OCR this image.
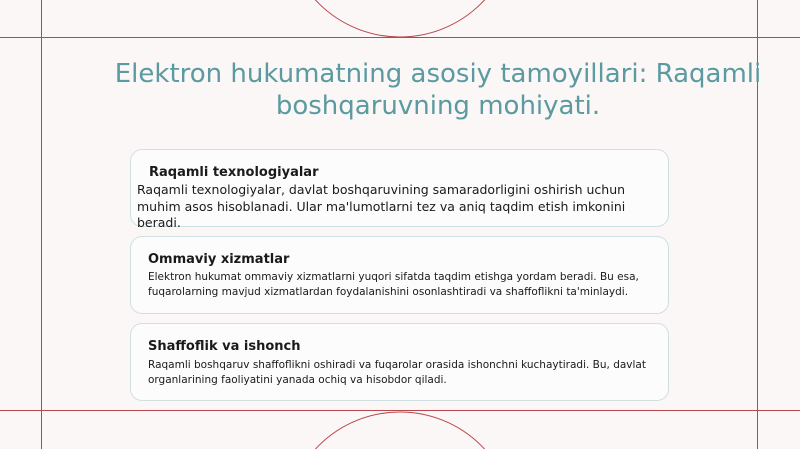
Elektron hukumatning asosiy tamoyillari: Raqamli boshqaruvning mohiyati.
Raqamli texnologiyalar
Raqamli texnologiyalar, davlat boshqaruvining samaradorligini oshirish uchun muhim asos hisoblanadi. Ular ma'lumotlarni tez va aniq taqdim etish imkonini beradi.
Ommaviy xizmatlar
Elektron hukumat ommaviy xizmatlarni yuqori sifatda taqdim etishga yordam beradi. Bu esa, fuqarolarning mavjud xizmatlardan foydalanishini osonlashtiradi va shaffoflikni ta'minlaydi.
Shaffoflik va ishonch
Raqamli boshqaruv shaffoflikni oshiradi va fuqarolar orasida ishonchni kuchaytiradi. Bu, davlat organlarining faoliyatini yanada ochiq va hisobdor qiladi.
